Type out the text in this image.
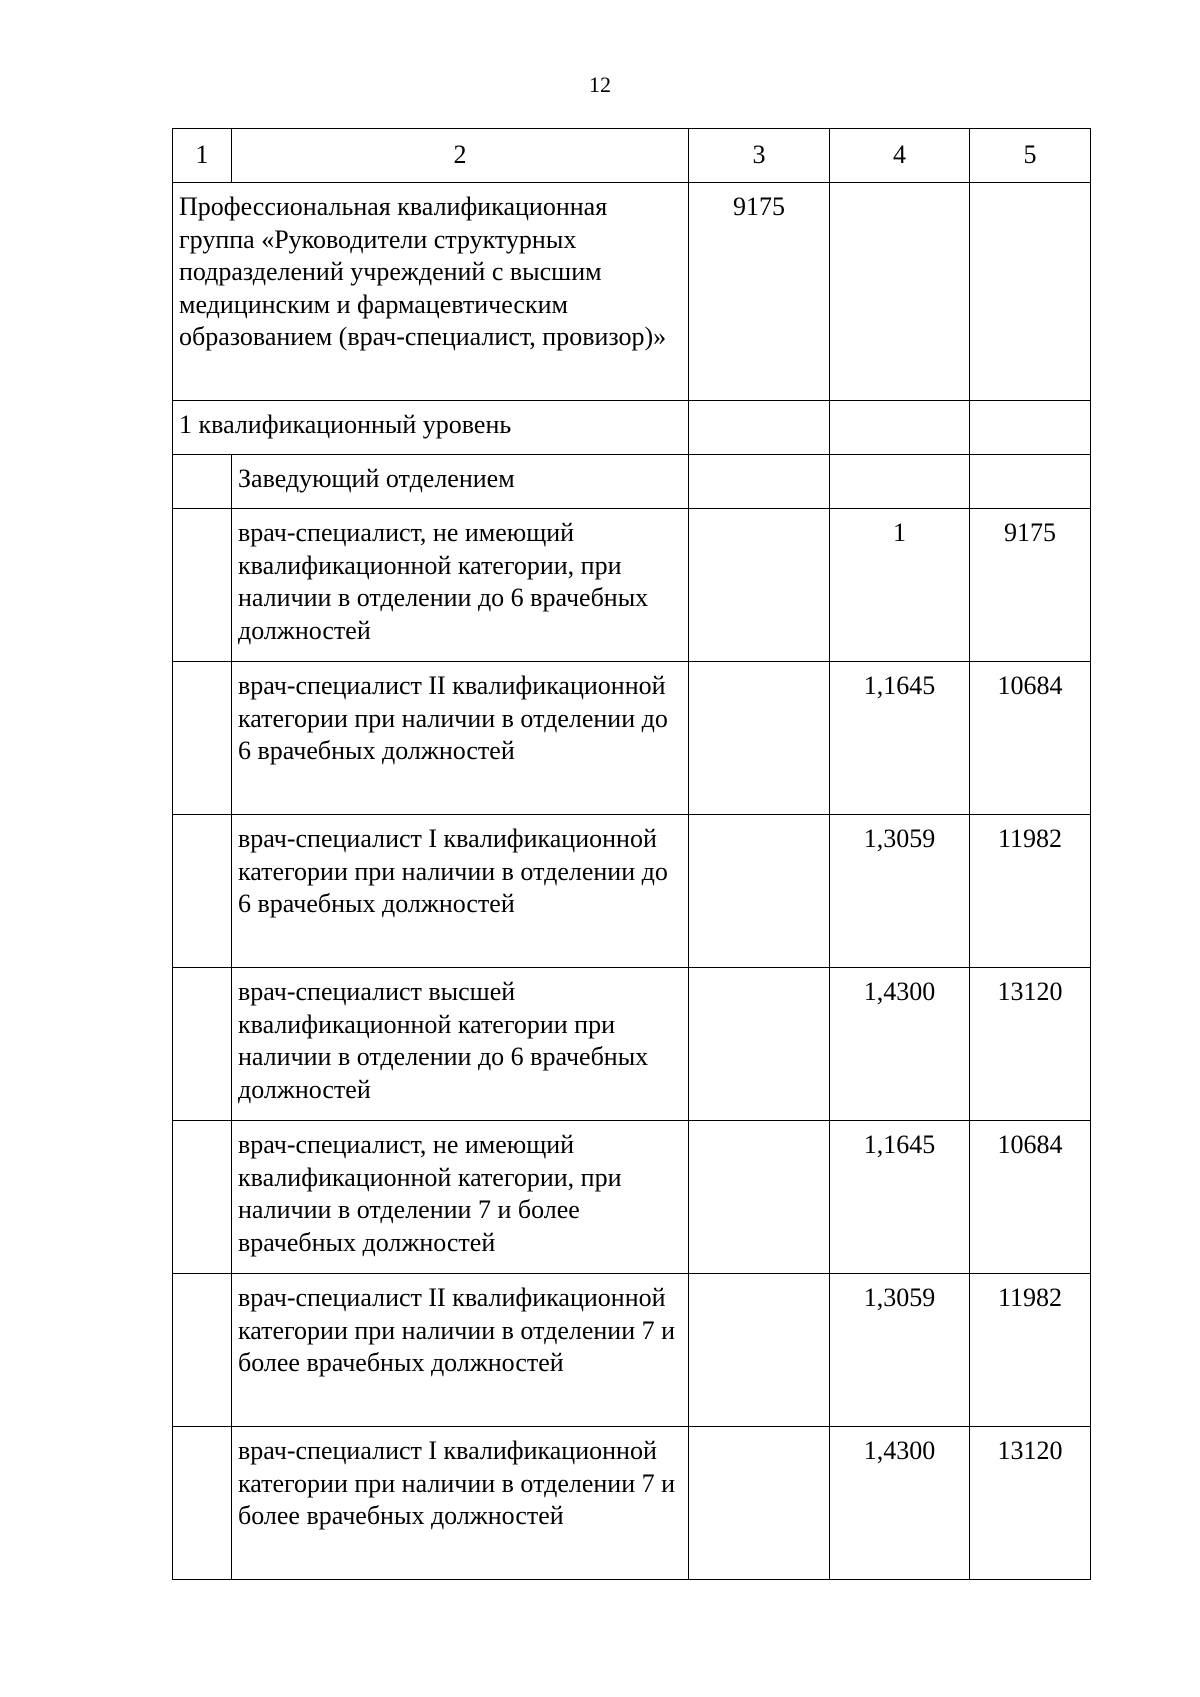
12
1	2	3	4	5
Профессиональная квалификационная группа «Руководители структурных подразделений учреждений с высшим медицинским и фармацевтическим образованием (врач-специалист, провизор)»		9175		
1 квалификационный уровень				
	Заведующий отделением			
	врач-специалист, не имеющий квалификационной категории, при наличии в отделении до 6 врачебных должностей		1	9175
	врач-специалист II квалификационной категории при наличии в отделении до 6 врачебных должностей		1,1645	10684
	врач-специалист I квалификационной категории при наличии в отделении до 6 врачебных должностей		1,3059	11982
	врач-специалист высшей квалификационной категории при наличии в отделении до 6 врачебных должностей		1,4300	13120
	врач-специалист, не имеющий квалификационной категории, при наличии в отделении 7 и более врачебных должностей		1,1645	10684
	врач-специалист II квалификационной категории при наличии в отделении 7 и более врачебных должностей		1,3059	11982
	врач-специалист I квалификационной категории при наличии в отделении 7 и более врачебных должностей		1,4300	13120
